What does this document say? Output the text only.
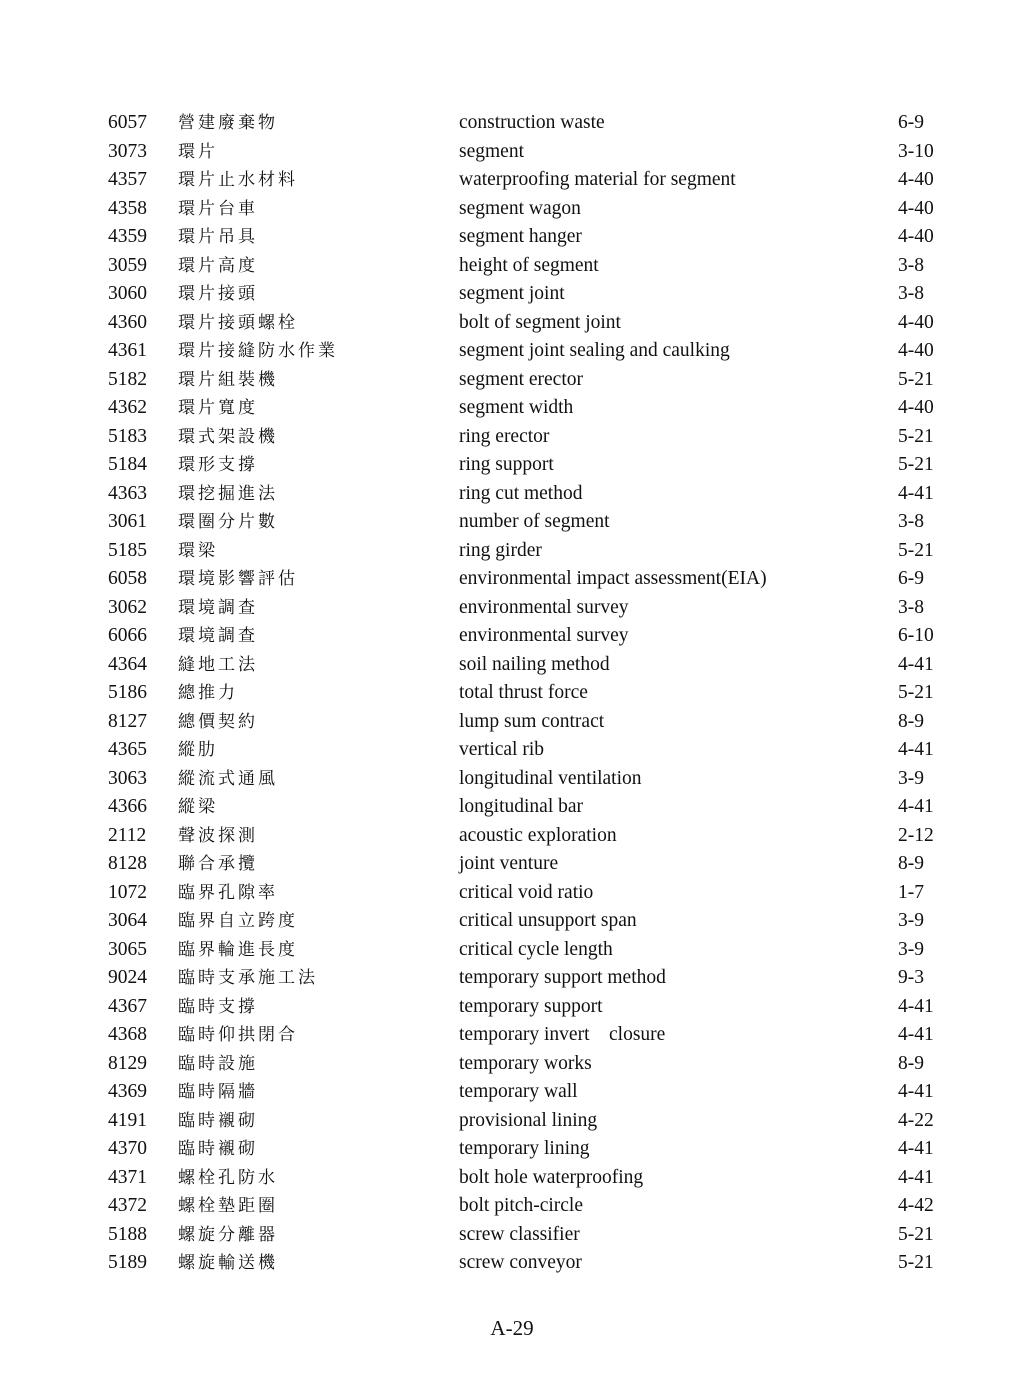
6057 營建廢棄物	construction waste	6-9
3073 環片	segment	3-10
4357 環片止水材料	waterproofing material for segment	4-40
4358 環片台車	segment wagon	4-40
4359 環片吊具	segment hanger	4-40
3059 環片高度	height of segment	3-8
3060 環片接頭	segment joint	3-8
4360 環片接頭螺栓	bolt of segment joint	4-40
4361 環片接縫防水作業	segment joint sealing and caulking	4-40
5182 環片組裝機	segment erector	5-21
4362 環片寬度	segment width	4-40
5183 環式架設機	ring erector	5-21
5184 環形支撐	ring support	5-21
4363 環挖掘進法	ring cut method	4-41
3061 環圈分片數	number of segment	3-8
5185 環梁	ring girder	5-21
6058 環境影響評估	environmental impact assessment(EIA)	6-9
3062 環境調查	environmental survey	3-8
6066 環境調查	environmental survey	6-10
4364 縫地工法	soil nailing method	4-41
5186 總推力	total thrust force	5-21
8127 總價契約	lump sum contract	8-9
4365 縱肋	vertical rib	4-41
3063 縱流式通風	longitudinal ventilation	3-9
4366 縱梁	longitudinal bar	4-41
2112 聲波探測	acoustic exploration	2-12
8128 聯合承攬	joint venture	8-9
1072 臨界孔隙率	critical void ratio	1-7
3064 臨界自立跨度	critical unsupport span	3-9
3065 臨界輪進長度	critical cycle length	3-9
9024 臨時支承施工法	temporary support method	9-3
4367 臨時支撐	temporary support	4-41
4368 臨時仰拱閉合	temporary invert closure	4-41
8129 臨時設施	temporary works	8-9
4369 臨時隔牆	temporary wall	4-41
4191 臨時襯砌	provisional lining	4-22
4370 臨時襯砌	temporary lining	4-41
4371 螺栓孔防水	bolt hole waterproofing	4-41
4372 螺栓墊距圈	bolt pitch-circle	4-42
5188 螺旋分離器	screw classifier	5-21
5189 螺旋輸送機	screw conveyor	5-21
A-29
